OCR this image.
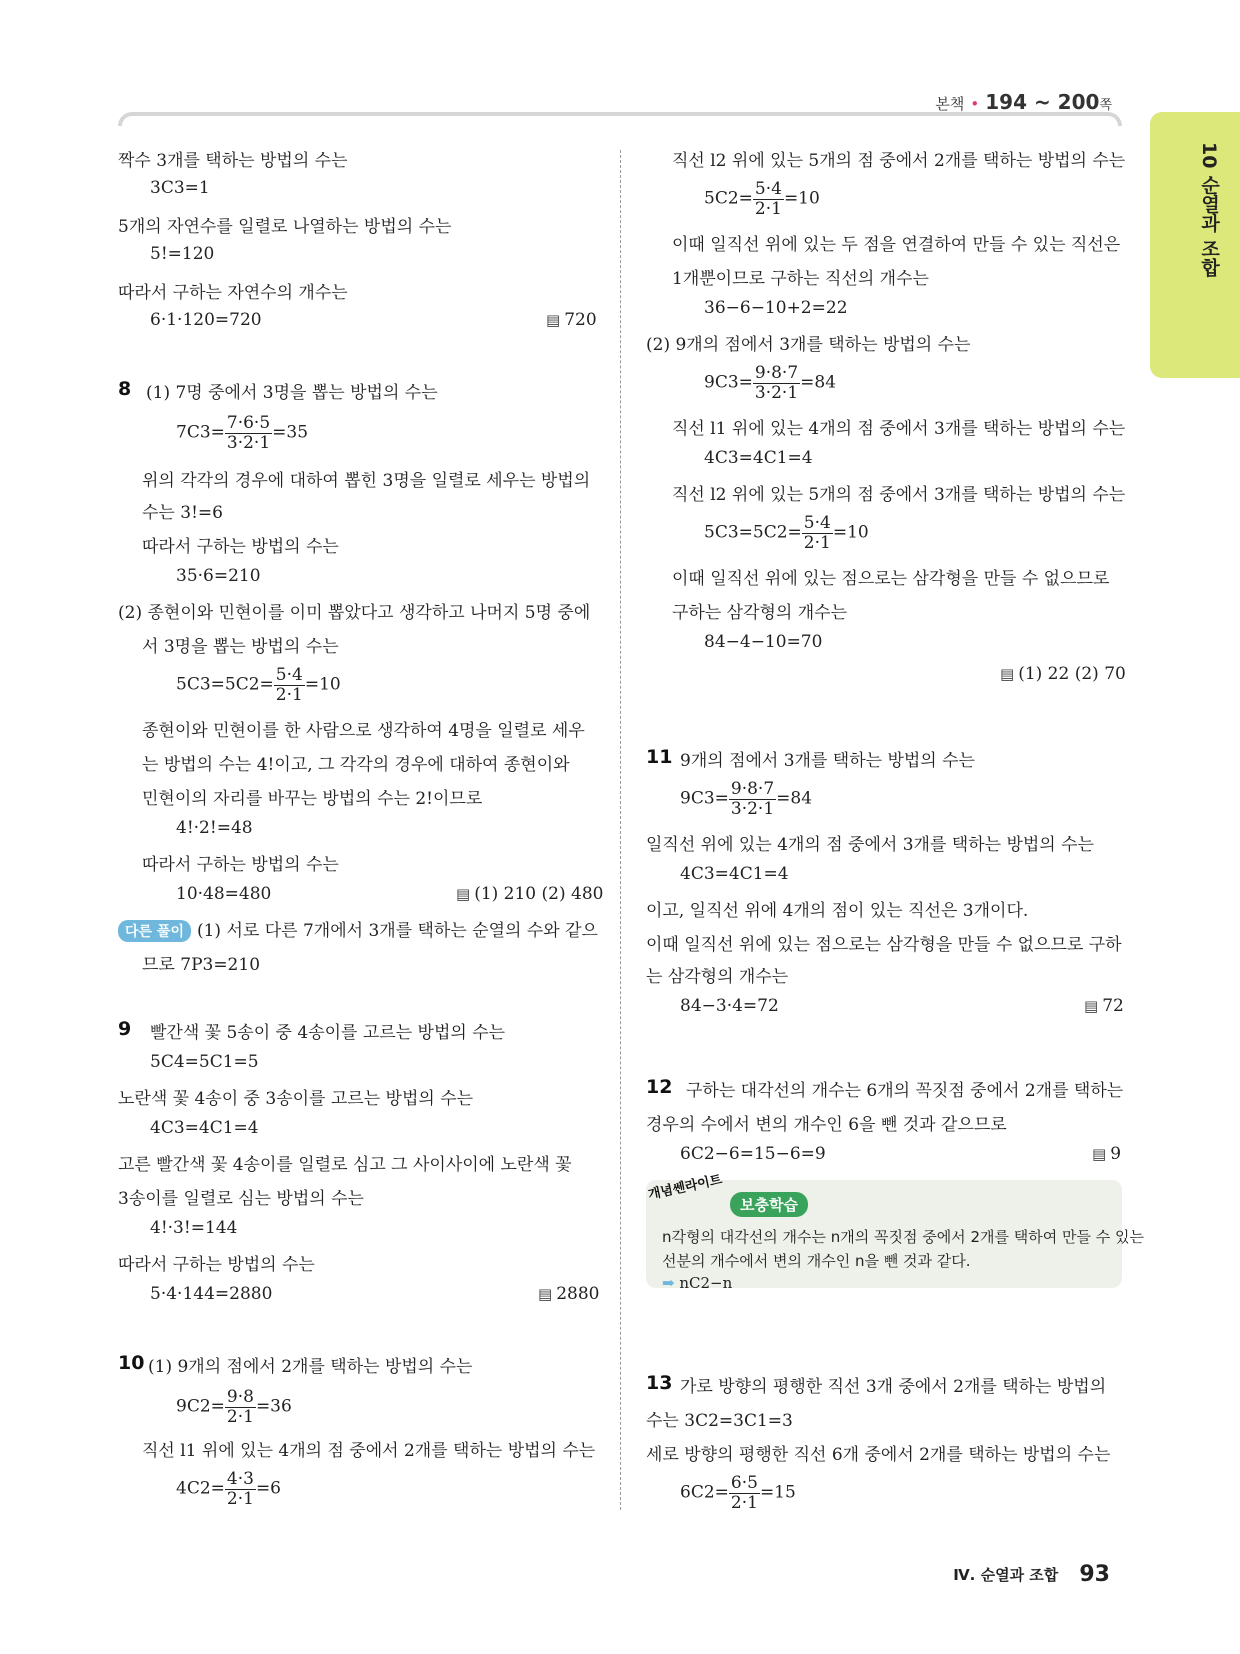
본책 • 194 ~ 200쪽
10 순열과 조합
짝수 3개를 택하는 방법의 수는
3C3=1
5개의 자연수를 일렬로 나열하는 방법의 수는
5!=120
따라서 구하는 자연수의 개수는
6·1·120=720	▤ 720
8 (1) 7명 중에서 3명을 뽑는 방법의 수는
$7C3= \frac{7\cdot 6\cdot 5}{3\cdot 2\cdot 1} =35$
위의 각각의 경우에 대하여 뽑힌 3명을 일렬로 세우는 방법의
수는 3!=6
따라서 구하는 방법의 수는
35·6=210
(2) 종현이와 민현이를 이미 뽑았다고 생각하고 나머지 5명 중에
서 3명을 뽑는 방법의 수는
$5C3=5C2= \frac{5\cdot 4}{2\cdot 1} =10$
종현이와 민현이를 한 사람으로 생각하여 4명을 일렬로 세우
는 방법의 수는 4!이고, 그 각각의 경우에 대하여 종현이와
민현이의 자리를 바꾸는 방법의 수는 2!이므로
4!·2!=48
따라서 구하는 방법의 수는
10·48=480	▤ (1) 210 (2) 480
다른 풀이 (1) 서로 다른 7개에서 3개를 택하는 순열의 수와 같으
므로 7P3=210
9 빨간색 꽃 5송이 중 4송이를 고르는 방법의 수는
5C4=5C1=5
노란색 꽃 4송이 중 3송이를 고르는 방법의 수는
4C3=4C1=4
고른 빨간색 꽃 4송이를 일렬로 심고 그 사이사이에 노란색 꽃
3송이를 일렬로 심는 방법의 수는
4!·3!=144
따라서 구하는 방법의 수는
5·4·144=2880	▤ 2880
10 (1) 9개의 점에서 2개를 택하는 방법의 수는
$9C2= \frac{9\cdot 8}{2\cdot 1} =36$
직선 l1 위에 있는 4개의 점 중에서 2개를 택하는 방법의 수는
$4C2= \frac{4\cdot 3}{2\cdot 1} =6$
직선 l2 위에 있는 5개의 점 중에서 2개를 택하는 방법의 수는
$5C2= \frac{5\cdot 4}{2\cdot 1} =10$
이때 일직선 위에 있는 두 점을 연결하여 만들 수 있는 직선은
1개뿐이므로 구하는 직선의 개수는
36−6−10+2=22
(2) 9개의 점에서 3개를 택하는 방법의 수는
$9C3= \frac{9\cdot 8\cdot 7}{3\cdot 2\cdot 1} =84$
직선 l1 위에 있는 4개의 점 중에서 3개를 택하는 방법의 수는
4C3=4C1=4
직선 l2 위에 있는 5개의 점 중에서 3개를 택하는 방법의 수는
$5C3=5C2= \frac{5\cdot 4}{2\cdot 1} =10$
이때 일직선 위에 있는 점으로는 삼각형을 만들 수 없으므로
구하는 삼각형의 개수는
84−4−10=70
▤ (1) 22 (2) 70
11 9개의 점에서 3개를 택하는 방법의 수는
$9C3= \frac{9\cdot 8\cdot 7}{3\cdot 2\cdot 1} =84$
일직선 위에 있는 4개의 점 중에서 3개를 택하는 방법의 수는
4C3=4C1=4
이고, 일직선 위에 4개의 점이 있는 직선은 3개이다.
이때 일직선 위에 있는 점으로는 삼각형을 만들 수 없으므로 구하
는 삼각형의 개수는
84−3·4=72	▤ 72
12 구하는 대각선의 개수는 6개의 꼭짓점 중에서 2개를 택하는
경우의 수에서 변의 개수인 6을 뺀 것과 같으므로
6C2−6=15−6=9	▤ 9
개념쎈라이트
보충학습
n각형의 대각선의 개수는 n개의 꼭짓점 중에서 2개를 택하여 만들 수 있는
선분의 개수에서 변의 개수인 n을 뺀 것과 같다.
➡ nC2−n
13 가로 방향의 평행한 직선 3개 중에서 2개를 택하는 방법의
수는 3C2=3C1=3
세로 방향의 평행한 직선 6개 중에서 2개를 택하는 방법의 수는
$6C2= \frac{6\cdot 5}{2\cdot 1} =15$
Ⅳ. 순열과 조합 93
